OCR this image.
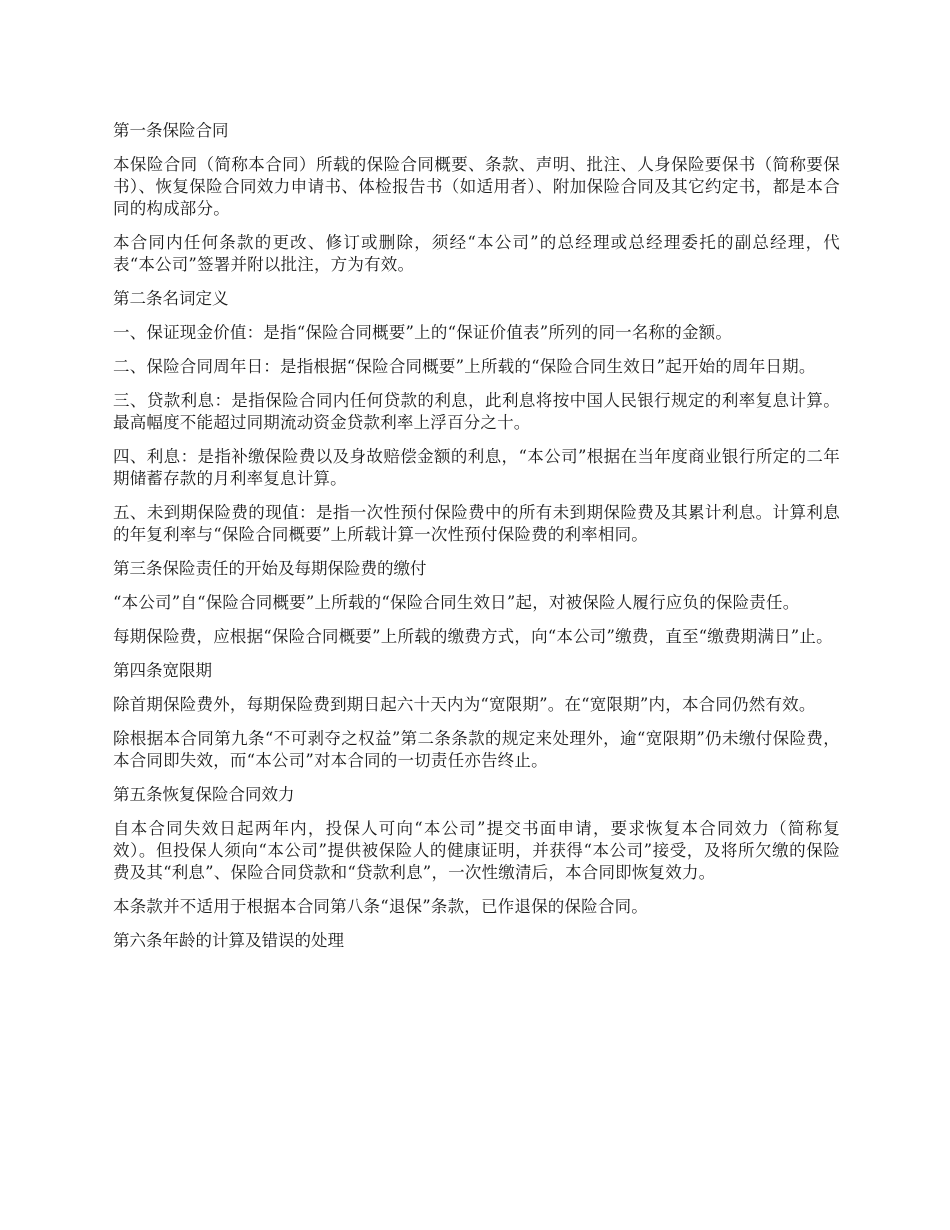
第一条保险合同

本保险合同（简称本合同）所载的保险合同概要、条款、声明、批注、人身保险要保书（简称要保书）、恢复保险合同效力申请书、体检报告书（如适用者）、附加保险合同及其它约定书，都是本合同的构成部分。

本合同内任何条款的更改、修订或删除，须经“本公司”的总经理或总经理委托的副总经理，代表“本公司”签署并附以批注，方为有效。

第二条名词定义

一、保证现金价值：是指“保险合同概要”上的“保证价值表”所列的同一名称的金额。

二、保险合同周年日：是指根据“保险合同概要”上所载的“保险合同生效日”起开始的周年日期。

三、贷款利息：是指保险合同内任何贷款的利息，此利息将按中国人民银行规定的利率复息计算。最高幅度不能超过同期流动资金贷款利率上浮百分之十。

四、利息：是指补缴保险费以及身故赔偿金额的利息，“本公司”根据在当年度商业银行所定的二年期储蓄存款的月利率复息计算。

五、未到期保险费的现值：是指一次性预付保险费中的所有未到期保险费及其累计利息。计算利息的年复利率与“保险合同概要”上所载计算一次性预付保险费的利率相同。

第三条保险责任的开始及每期保险费的缴付

“本公司”自“保险合同概要”上所载的“保险合同生效日”起，对被保险人履行应负的保险责任。

每期保险费，应根据“保险合同概要”上所载的缴费方式，向“本公司”缴费，直至“缴费期满日”止。

第四条宽限期

除首期保险费外，每期保险费到期日起六十天内为“宽限期”。在“宽限期”内，本合同仍然有效。

除根据本合同第九条“不可剥夺之权益”第二条条款的规定来处理外，逾“宽限期”仍未缴付保险费，本合同即失效，而“本公司”对本合同的一切责任亦告终止。

第五条恢复保险合同效力

自本合同失效日起两年内，投保人可向“本公司”提交书面申请，要求恢复本合同效力（简称复效）。但投保人须向“本公司”提供被保险人的健康证明，并获得“本公司”接受，及将所欠缴的保险费及其“利息”、保险合同贷款和“贷款利息”，一次性缴清后，本合同即恢复效力。

本条款并不适用于根据本合同第八条“退保”条款，已作退保的保险合同。

第六条年龄的计算及错误的处理
